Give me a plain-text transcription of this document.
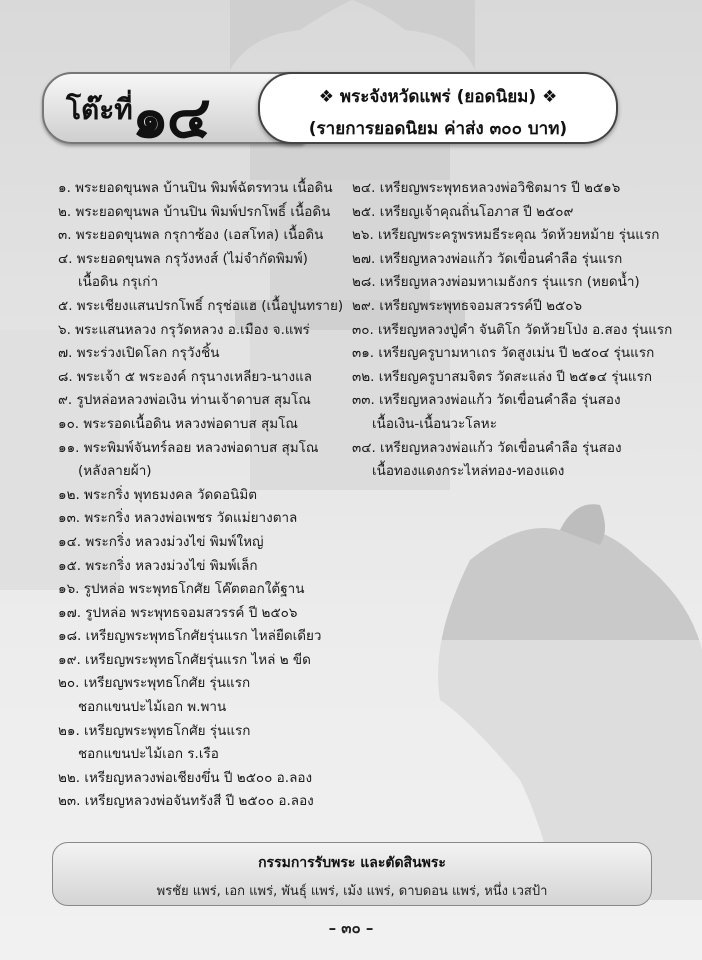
โต๊ะที่ ๑๔	❖ พระจังหวัดแพร่ (ยอดนิยม) ❖
(รายการยอดนิยม ค่าส่ง ๓๐๐ บาท)
๑. พระยอดขุนพล บ้านปิน พิมพ์ฉัตรทวน เนื้อดิน
๒. พระยอดขุนพล บ้านปิน พิมพ์ปรกโพธิ์ เนื้อดิน
๓. พระยอดขุนพล กรุกาซ้อง (เอสโทล) เนื้อดิน
๔. พระยอดขุนพล กรุวังหงส์ (ไม่จำกัดพิมพ์)
เนื้อดิน กรุเก่า
๕. พระเชียงแสนปรกโพธิ์ กรุช่อแฮ (เนื้อปูนทราย)
๖. พระแสนหลวง กรุวัดหลวง อ.เมือง จ.แพร่
๗. พระร่วงเปิดโลก กรุวังชิ้น
๘. พระเจ้า ๕ พระองค์ กรุนางเหลียว-นางแล
๙. รูปหล่อหลวงพ่อเงิน ท่านเจ้าดาบส สุมโณ
๑๐. พระรอดเนื้อดิน หลวงพ่อดาบส สุมโณ
๑๑. พระพิมพ์จันทร์ลอย หลวงพ่อดาบส สุมโณ
(หลังลายผ้า)
๑๒. พระกริ่ง พุทธมงคล วัดดอนิมิต
๑๓. พระกริ่ง หลวงพ่อเพชร วัดแม่ยางตาล
๑๔. พระกริ่ง หลวงม่วงไข่ พิมพ์ใหญ่
๑๕. พระกริ่ง หลวงม่วงไข่ พิมพ์เล็ก
๑๖. รูปหล่อ พระพุทธโกศัย โค๊ตตอกใต้ฐาน
๑๗. รูปหล่อ พระพุทธจอมสวรรค์ ปี ๒๕๐๖
๑๘. เหรียญพระพุทธโกศัยรุ่นแรก ไหล่ยืดเดียว
๑๙. เหรียญพระพุทธโกศัยรุ่นแรก ไหล่ ๒ ขีด
๒๐. เหรียญพระพุทธโกศัย รุ่นแรก
ชอกแขนปะไม้เอก พ.พาน
๒๑. เหรียญพระพุทธโกศัย รุ่นแรก
ชอกแขนปะไม้เอก ร.เรือ
๒๒. เหรียญหลวงพ่อเชียงขึ่น ปี ๒๕๐๐ อ.ลอง
๒๓. เหรียญหลวงพ่อจันทรังสี ปี ๒๕๐๐ อ.ลอง
๒๔. เหรียญพระพุทธหลวงพ่อวิชิตมาร ปี ๒๕๑๖
๒๕. เหรียญเจ้าคุณถิ่นโอภาส ปี ๒๕๐๙
๒๖. เหรียญพระครูพรหมธีระคุณ วัดห้วยหม้าย รุ่นแรก
๒๗. เหรียญหลวงพ่อแก้ว วัดเขื่อนคำลือ รุ่นแรก
๒๘. เหรียญหลวงพ่อมหาเมธังกร รุ่นแรก (หยดน้ำ)
๒๙. เหรียญพระพุทธจอมสวรรค์ปี ๒๕๐๖
๓๐. เหรียญหลวงปู่คำ จันติโก วัดห้วยโป่ง อ.สอง รุ่นแรก
๓๑. เหรียญครูบามหาเถร วัดสูงเม่น ปี ๒๕๐๔ รุ่นแรก
๓๒. เหรียญครูบาสมจิตร วัดสะแล่ง ปี ๒๕๑๔ รุ่นแรก
๓๓. เหรียญหลวงพ่อแก้ว วัดเขื่อนคำลือ รุ่นสอง
เนื้อเงิน-เนื้อนวะโลหะ
๓๔. เหรียญหลวงพ่อแก้ว วัดเขื่อนคำลือ รุ่นสอง
เนื้อทองแดงกระไหล่ทอง-ทองแดง
กรรมการรับพระ และตัดสินพระ
พรชัย แพร่, เอก แพร่, พันธุ์ แพร่, เม้ง แพร่, ดาบดอน แพร่, หนึ่ง เวสป้า
– ๓๐ –
